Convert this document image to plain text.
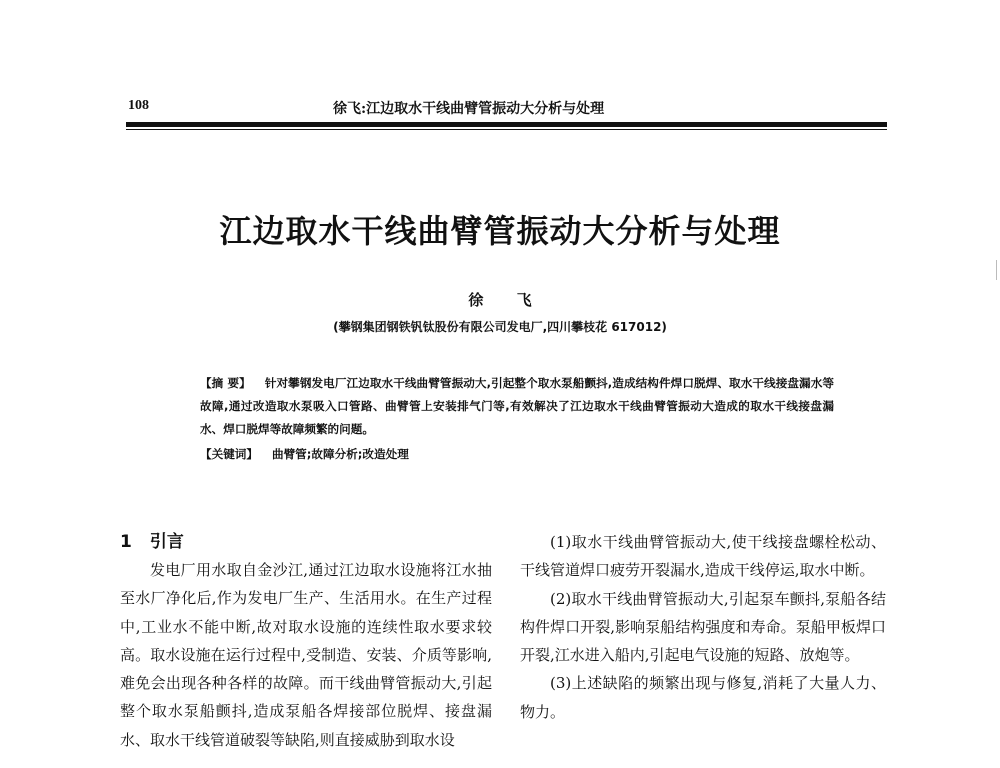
108	徐飞:江边取水干线曲臂管振动大分析与处理
江边取水干线曲臂管振动大分析与处理
徐 飞
(攀钢集团钢铁钒钛股份有限公司发电厂,四川攀枝花 617012)
【摘 要】 针对攀钢发电厂江边取水干线曲臂管振动大,引起整个取水泵船颤抖,造成结构件焊口脱焊、取水干线接盘漏水等故障,通过改造取水泵吸入口管路、曲臂管上安装排气门等,有效解决了江边取水干线曲臂管振动大造成的取水干线接盘漏水、焊口脱焊等故障频繁的问题。
【关键词】 曲臂管;故障分析;改造处理
1 引言

发电厂用水取自金沙江,通过江边取水设施将江水抽至水厂净化后,作为发电厂生产、生活用水。在生产过程中,工业水不能中断,故对取水设施的连续性取水要求较高。取水设施在运行过程中,受制造、安装、介质等影响,难免会出现各种各样的故障。而干线曲臂管振动大,引起整个取水泵船颤抖,造成泵船各焊接部位脱焊、接盘漏水、取水干线管道破裂等缺陷,则直接威胁到取水设

(1)取水干线曲臂管振动大,使干线接盘螺栓松动、干线管道焊口疲劳开裂漏水,造成干线停运,取水中断。

(2)取水干线曲臂管振动大,引起泵车颤抖,泵船各结构件焊口开裂,影响泵船结构强度和寿命。泵船甲板焊口开裂,江水进入船内,引起电气设施的短路、放炮等。

(3)上述缺陷的频繁出现与修复,消耗了大量人力、物力。
